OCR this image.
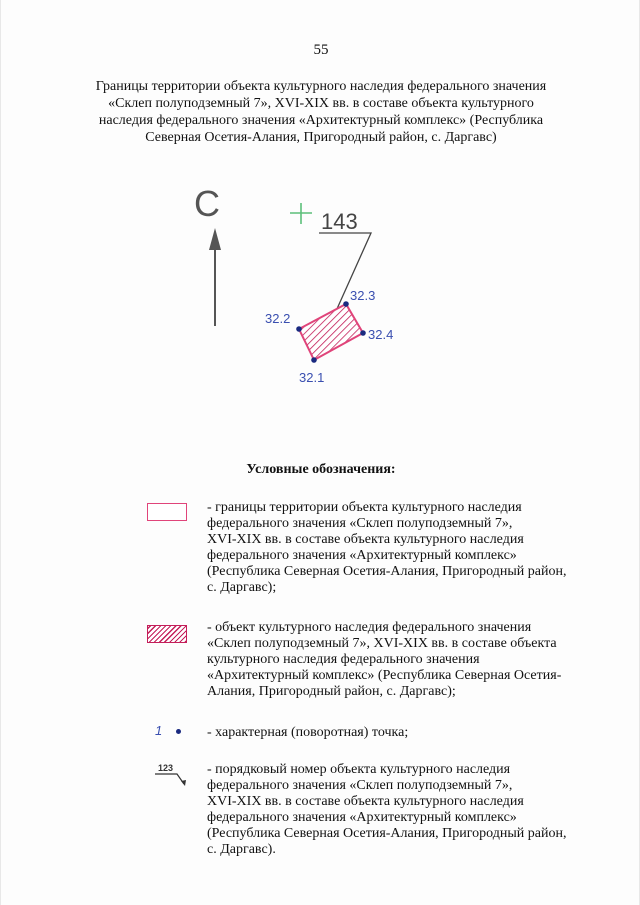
55
Границы территории объекта культурного наследия федерального значения
«Склеп полуподземный 7», XVI-XIX вв. в составе объекта культурного
наследия федерального значения «Архитектурный комплекс» (Республика
Северная Осетия-Алания, Пригородный район, с. Даргавс)
С	143
32.1
32.2
32.3
32.4
Условные обозначения:
- границы территории объекта культурного наследия
федерального значения «Склеп полуподземный 7»,
XVI-XIX вв. в составе объекта культурного наследия
федерального значения «Архитектурный комплекс»
(Республика Северная Осетия-Алания, Пригородный район,
с. Даргавс);
- объект культурного наследия федерального значения
«Склеп полуподземный 7», XVI-XIX вв. в составе объекта
культурного наследия федерального значения
«Архитектурный комплекс» (Республика Северная Осетия-
Алания, Пригородный район, с. Даргавс);
1	- характерная (поворотная) точка;
123 - порядковый номер объекта культурного наследия
федерального значения «Склеп полуподземный 7»,
XVI-XIX вв. в составе объекта культурного наследия
федерального значения «Архитектурный комплекс»
(Республика Северная Осетия-Алания, Пригородный район,
с. Даргавс).
